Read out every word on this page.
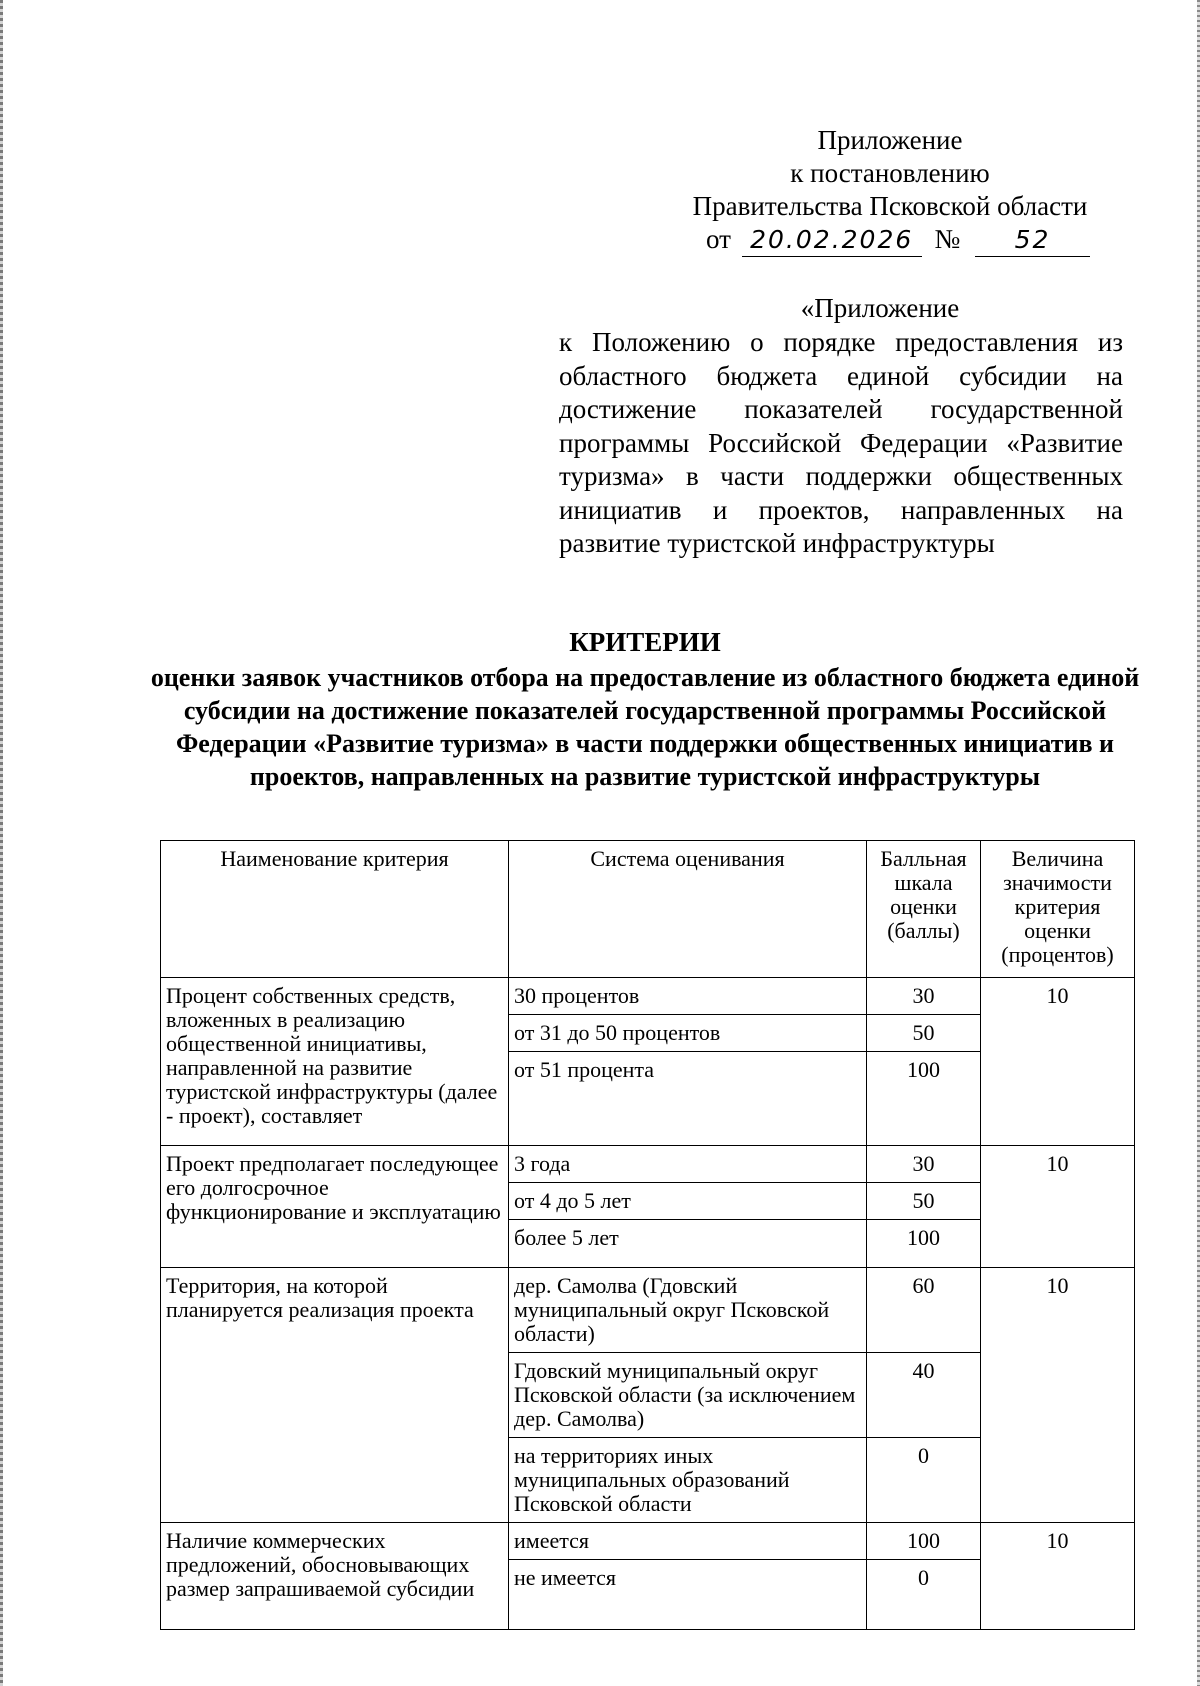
Приложение
к постановлению
Правительства Псковской области
от 20.02.2026 № 52
«Приложение
к Положению о порядке предоставления из областного бюджета единой субсидии на достижение показателей государственной программы Российской Федерации «Развитие туризма» в части поддержки общественных инициатив и проектов, направленных на развитие туристской инфраструктуры
КРИТЕРИИ
оценки заявок участников отбора на предоставление из областного бюджета единой субсидии на достижение показателей государственной программы Российской Федерации «Развитие туризма» в части поддержки общественных инициатив и проектов, направленных на развитие туристской инфраструктуры
Наименование критерия	Система оценивания	Балльная шкала оценки (баллы)	Величина значимости критерия оценки (процентов)
Процент собственных средств, вложенных в реализацию общественной инициативы, направленной на развитие туристской инфраструктуры (далее - проект), составляет	30 процентов	30	10
	от 31 до 50 процентов	50	
	от 51 процента	100	
Проект предполагает последующее его долгосрочное функционирование и эксплуатацию	3 года	30	10
	от 4 до 5 лет	50	
	более 5 лет	100	
Территория, на которой планируется реализация проекта	дер. Самолва (Гдовский муниципальный округ Псковской области)	60	10
	Гдовский муниципальный округ Псковской области (за исключением дер. Самолва)	40	
	на территориях иных муниципальных образований Псковской области	0	
Наличие коммерческих предложений, обосновывающих размер запрашиваемой субсидии	имеется	100	10
	не имеется	0	
